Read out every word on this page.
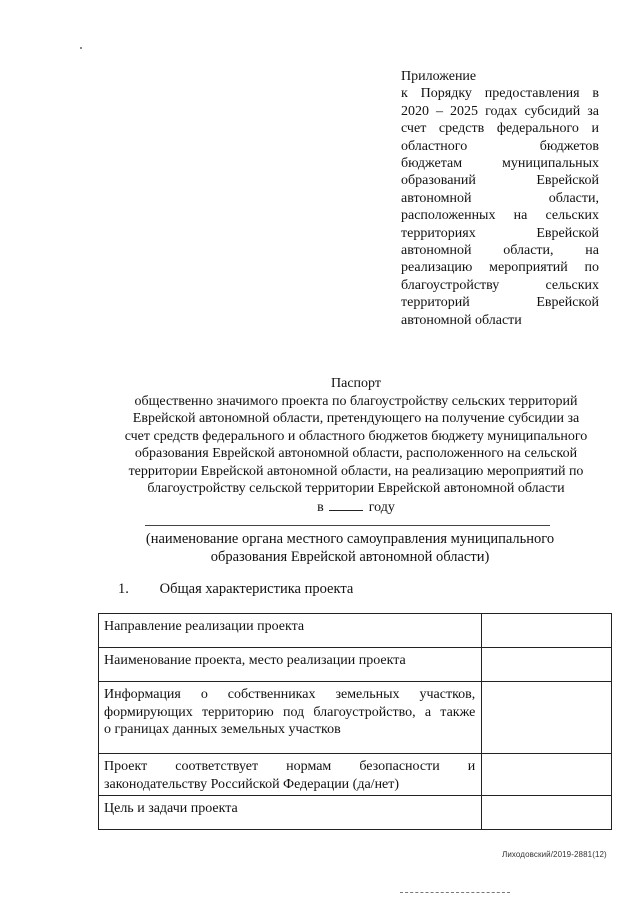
Приложение
к Порядку предоставления в
2020 – 2025 годах субсидий за
счет средств федерального и
областного бюджетов
бюджетам муниципальных
образований Еврейской
автономной области,
расположенных на сельских
территориях Еврейской
автономной области, на
реализацию мероприятий по
благоустройству сельских
территорий Еврейской
автономной области
Паспорт
общественно значимого проекта по благоустройству сельских территорий
Еврейской автономной области, претендующего на получение субсидии за
счет средств федерального и областного бюджетов бюджету муниципального
образования Еврейской автономной области, расположенного на сельской
территории Еврейской автономной области, на реализацию мероприятий по
благоустройству сельской территории Еврейской автономной области
в	году
(наименование органа местного самоуправления муниципального
образования Еврейской автономной области)
1. Общая характеристика проекта
Направление реализации проекта	

Наименование проекта, место реализации проекта	

Информация о собственниках земельных участков,
формирующих территорию под благоустройство, а также
о границах данных земельных участков	

Проект соответствует нормам безопасности и
законодательству Российской Федерации (да/нет)	

Цель и задачи проекта	

Лиходовский/2019-2881(12)
